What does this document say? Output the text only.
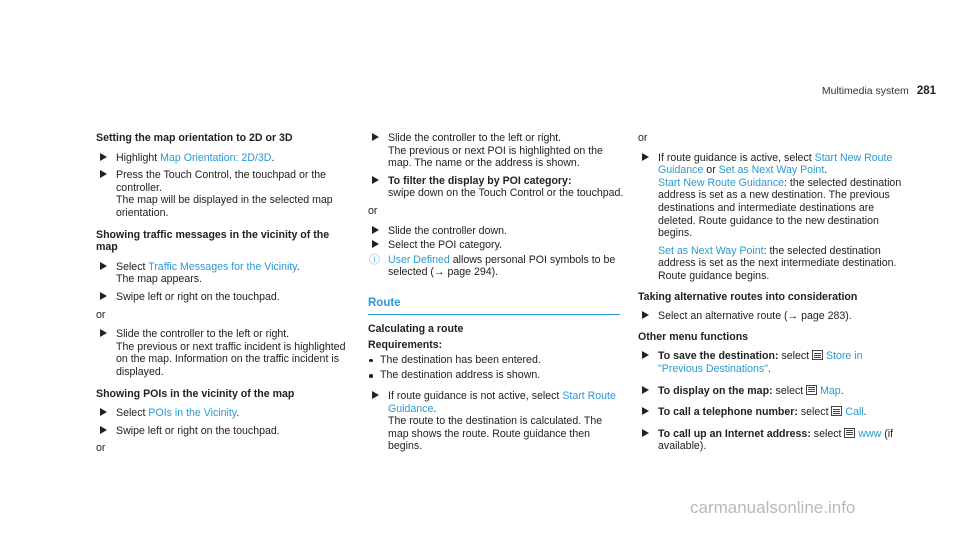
Multimedia system 281

Setting the map orientation to 2D or 3D

Highlight Map Orientation: 2D/3D.
Press the Touch Control, the touchpad or the controller.
The map will be displayed in the selected map orientation.

Showing traffic messages in the vicinity of the map

Select Traffic Messages for the Vicinity.
The map appears.
Swipe left or right on the touchpad.

or

Slide the controller to the left or right.
The previous or next traffic incident is highlighted on the map. Information on the traffic incident is displayed.

Showing POIs in the vicinity of the map

Select POIs in the Vicinity.
Swipe left or right on the touchpad.

or

Slide the controller to the left or right.
The previous or next POI is highlighted on the map. The name or the address is shown.
To filter the display by POI category:
swipe down on the Touch Control or the touchpad.

or

Slide the controller down.
Select the POI category.
ⓘ User Defined allows personal POI symbols to be selected (→ page 294).
Route

Calculating a route

Requirements:

The destination has been entered.
The destination address is shown.
If route guidance is not active, select Start Route Guidance.
The route to the destination is calculated. The map shows the route. Route guidance then begins.

or

If route guidance is active, select Start New Route Guidance or Set as Next Way Point.
Start New Route Guidance: the selected destination address is set as a new destination. The previous destinations and intermediate destinations are deleted. Route guidance to the new destination begins.
Set as Next Way Point: the selected destination address is set as the next intermediate destination. Route guidance begins.

Taking alternative routes into consideration

Select an alternative route (→ page 283).

Other menu functions

To save the destination: select  Store in "Previous Destinations".
To display on the map: select  Map.
To call a telephone number: select  Call.
To call up an Internet address: select  www (if available).
carmanualsonline.info
